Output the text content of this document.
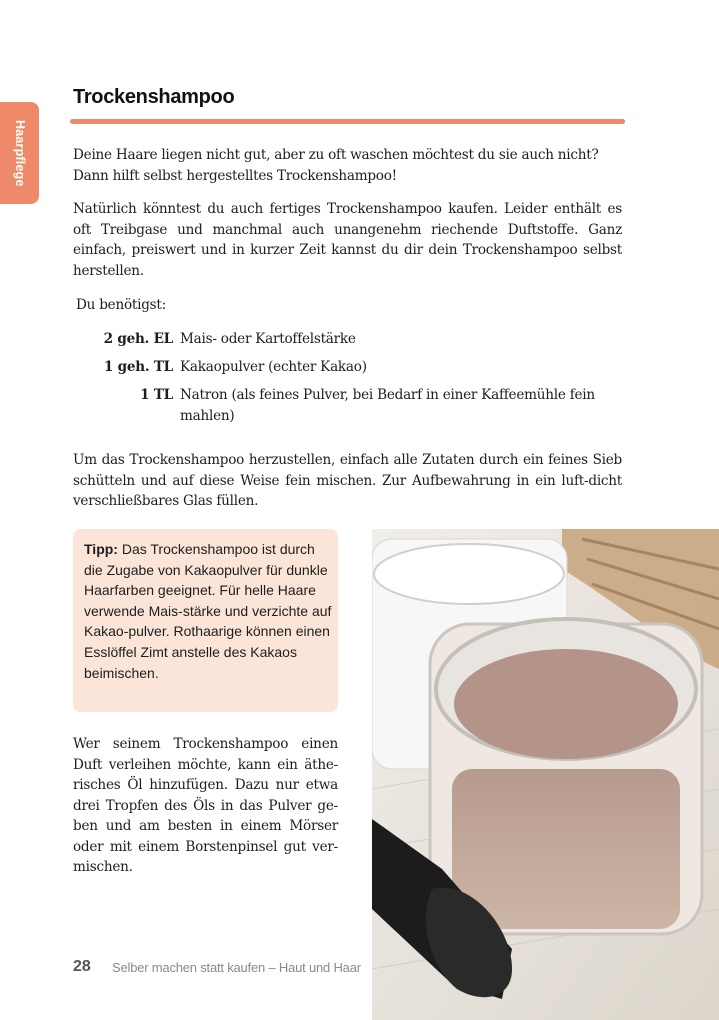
Haarpflege
Trockenshampoo

Deine Haare liegen nicht gut, aber zu oft waschen möchtest du sie auch nicht? Dann hilft selbst hergestelltes Trockenshampoo!

Natürlich könntest du auch fertiges Trockenshampoo kaufen. Leider enthält es oft Treibgase und manchmal auch unangenehm riechende Duftstoffe. Ganz einfach, preiswert und in kurzer Zeit kannst du dir dein Trockenshampoo selbst herstellen.

Du benötigst:

2 geh. EL Mais- oder Kartoffelstärke
1 geh. TL Kakaopulver (echter Kakao)
1 TL Natron (als feines Pulver, bei Bedarf in einer Kaffeemühle fein mahlen)

Um das Trockenshampoo herzustellen, einfach alle Zutaten durch ein feines Sieb schütteln und auf diese Weise fein mischen. Zur Aufbewahrung in ein luft-dicht verschließbares Glas füllen.

Tipp: Das Trockenshampoo ist durch die Zugabe von Kakaopulver für dunkle Haarfarben geeignet. Für helle Haare verwende Mais-stärke und verzichte auf Kakao-pulver. Rothaarige können einen Esslöffel Zimt anstelle des Kakaos beimischen.

Wer seinem Trockenshampoo einen Duft verleihen möchte, kann ein äthe-risches Öl hinzufügen. Dazu nur etwa drei Tropfen des Öls in das Pulver ge-ben und am besten in einem Mörser oder mit einem Borstenpinsel gut ver-mischen.

28 Selber machen statt kaufen – Haut und Haar
